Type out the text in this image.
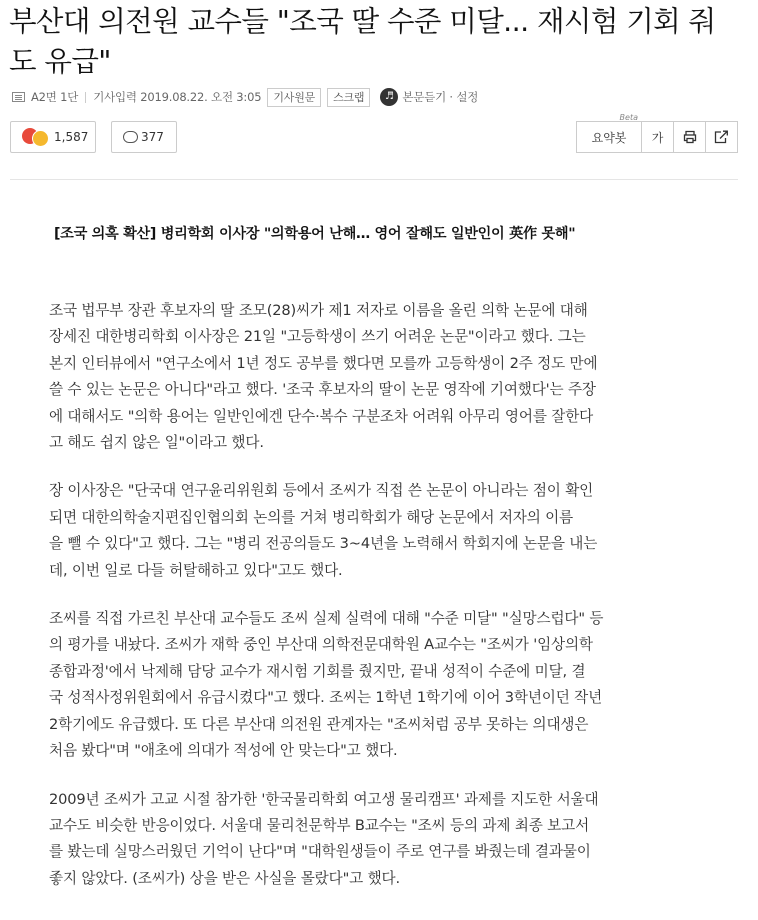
부산대 의전원 교수들 "조국 딸 수준 미달... 재시험 기회 줘
도 유급"
A2면 1단 기사입력 2019.08.22. 오전 3:05	기사원문	스크랩	♬ 본문듣기 · 설정
1,587	377	요약봇
Beta
가
[조국 의혹 확산] 병리학회 이사장 "의학용어 난해… 영어 잘해도 일반인이 英作 못해"

조국 법무부 장관 후보자의 딸 조모(28)씨가 제1 저자로 이름을 올린 의학 논문에 대해
장세진 대한병리학회 이사장은 21일 "고등학생이 쓰기 어려운 논문"이라고 했다. 그는
본지 인터뷰에서 "연구소에서 1년 정도 공부를 했다면 모를까 고등학생이 2주 정도 만에
쓸 수 있는 논문은 아니다"라고 했다. '조국 후보자의 딸이 논문 영작에 기여했다'는 주장
에 대해서도 "의학 용어는 일반인에겐 단수·복수 구분조차 어려워 아무리 영어를 잘한다
고 해도 쉽지 않은 일"이라고 했다.

장 이사장은 "단국대 연구윤리위원회 등에서 조씨가 직접 쓴 논문이 아니라는 점이 확인
되면 대한의학술지편집인협의회 논의를 거쳐 병리학회가 해당 논문에서 저자의 이름
을 뺄 수 있다"고 했다. 그는 "병리 전공의들도 3~4년을 노력해서 학회지에 논문을 내는
데, 이번 일로 다들 허탈해하고 있다"고도 했다.

조씨를 직접 가르친 부산대 교수들도 조씨 실제 실력에 대해 "수준 미달" "실망스럽다" 등
의 평가를 내놨다. 조씨가 재학 중인 부산대 의학전문대학원 A교수는 "조씨가 '임상의학
종합과정'에서 낙제해 담당 교수가 재시험 기회를 줬지만, 끝내 성적이 수준에 미달, 결
국 성적사정위원회에서 유급시켰다"고 했다. 조씨는 1학년 1학기에 이어 3학년이던 작년
2학기에도 유급했다. 또 다른 부산대 의전원 관계자는 "조씨처럼 공부 못하는 의대생은
처음 봤다"며 "애초에 의대가 적성에 안 맞는다"고 했다.

2009년 조씨가 고교 시절 참가한 '한국물리학회 여고생 물리캠프' 과제를 지도한 서울대
교수도 비슷한 반응이었다. 서울대 물리천문학부 B교수는 "조씨 등의 과제 최종 보고서
를 봤는데 실망스러웠던 기억이 난다"며 "대학원생들이 주로 연구를 봐줬는데 결과물이
좋지 않았다. (조씨가) 상을 받은 사실을 몰랐다"고 했다.
